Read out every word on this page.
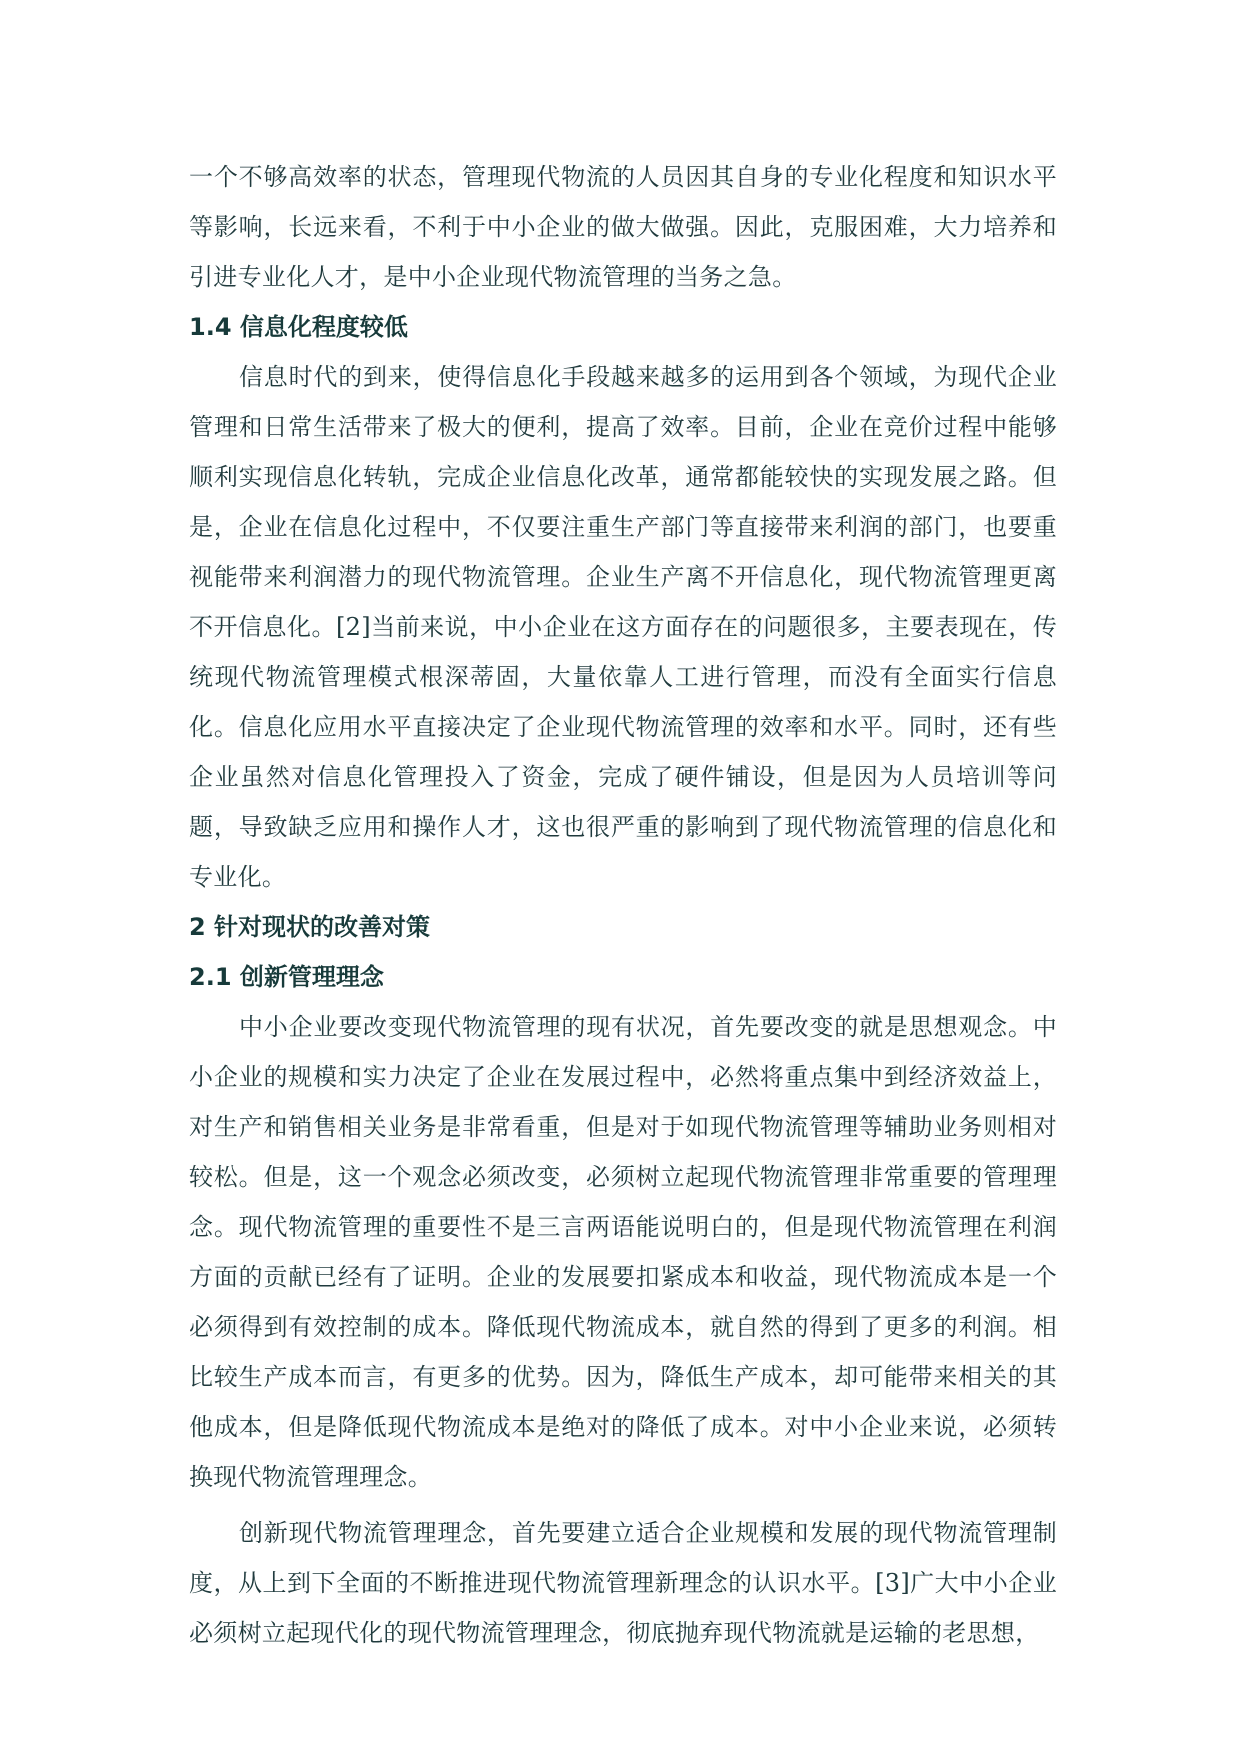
一个不够高效率的状态，管理现代物流的人员因其自身的专业化程度和知识水平等影响，长远来看，不利于中小企业的做大做强。因此，克服困难，大力培养和引进专业化人才，是中小企业现代物流管理的当务之急。

1.4 信息化程度较低

信息时代的到来，使得信息化手段越来越多的运用到各个领域，为现代企业管理和日常生活带来了极大的便利，提高了效率。目前，企业在竞价过程中能够顺利实现信息化转轨，完成企业信息化改革，通常都能较快的实现发展之路。但是，企业在信息化过程中，不仅要注重生产部门等直接带来利润的部门，也要重视能带来利润潜力的现代物流管理。企业生产离不开信息化，现代物流管理更离不开信息化。[2]当前来说，中小企业在这方面存在的问题很多，主要表现在，传统现代物流管理模式根深蒂固，大量依靠人工进行管理，而没有全面实行信息化。信息化应用水平直接决定了企业现代物流管理的效率和水平。同时，还有些企业虽然对信息化管理投入了资金，完成了硬件铺设，但是因为人员培训等问题，导致缺乏应用和操作人才，这也很严重的影响到了现代物流管理的信息化和专业化。

2 针对现状的改善对策
2.1 创新管理理念

中小企业要改变现代物流管理的现有状况，首先要改变的就是思想观念。中小企业的规模和实力决定了企业在发展过程中，必然将重点集中到经济效益上，对生产和销售相关业务是非常看重，但是对于如现代物流管理等辅助业务则相对较松。但是，这一个观念必须改变，必须树立起现代物流管理非常重要的管理理念。现代物流管理的重要性不是三言两语能说明白的，但是现代物流管理在利润方面的贡献已经有了证明。企业的发展要扣紧成本和收益，现代物流成本是一个必须得到有效控制的成本。降低现代物流成本，就自然的得到了更多的利润。相比较生产成本而言，有更多的优势。因为，降低生产成本，却可能带来相关的其他成本，但是降低现代物流成本是绝对的降低了成本。对中小企业来说，必须转换现代物流管理理念。

创新现代物流管理理念，首先要建立适合企业规模和发展的现代物流管理制度，从上到下全面的不断推进现代物流管理新理念的认识水平。[3]广大中小企业必须树立起现代化的现代物流管理理念，彻底抛弃现代物流就是运输的老思想，
